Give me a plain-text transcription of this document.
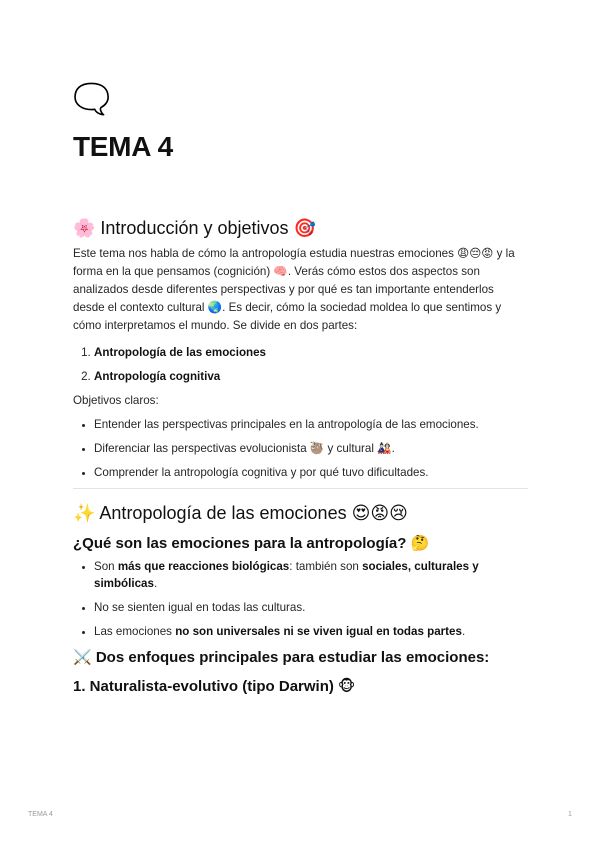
🗨️
TEMA 4
🌸 Introducción y objetivos 🎯

Este tema nos habla de cómo la antropología estudia nuestras emociones 😩😔😡 y la forma en la que pensamos (cognición) 🧠. Verás cómo estos dos aspectos son analizados desde diferentes perspectivas y por qué es tan importante entenderlos desde el contexto cultural 🌏. Es decir, cómo la sociedad moldea lo que sentimos y cómo interpretamos el mundo. Se divide en dos partes:

1. Antropología de las emociones
2. Antropología cognitiva

Objetivos claros:

• Entender las perspectivas principales en la antropología de las emociones.
• Diferenciar las perspectivas evolucionista 🦥 y cultural 🎎.
• Comprender la antropología cognitiva y por qué tuvo dificultades.
✨ Antropología de las emociones 😍😡😢
¿Qué son las emociones para la antropología? 🤔
• Son más que reacciones biológicas: también son sociales, culturales y simbólicas.
• No se sienten igual en todas las culturas.
• Las emociones no son universales ni se viven igual en todas partes.
⚔️ Dos enfoques principales para estudiar las emociones:
1. Naturalista-evolutivo (tipo Darwin) 🐵
TEMA 4	1
